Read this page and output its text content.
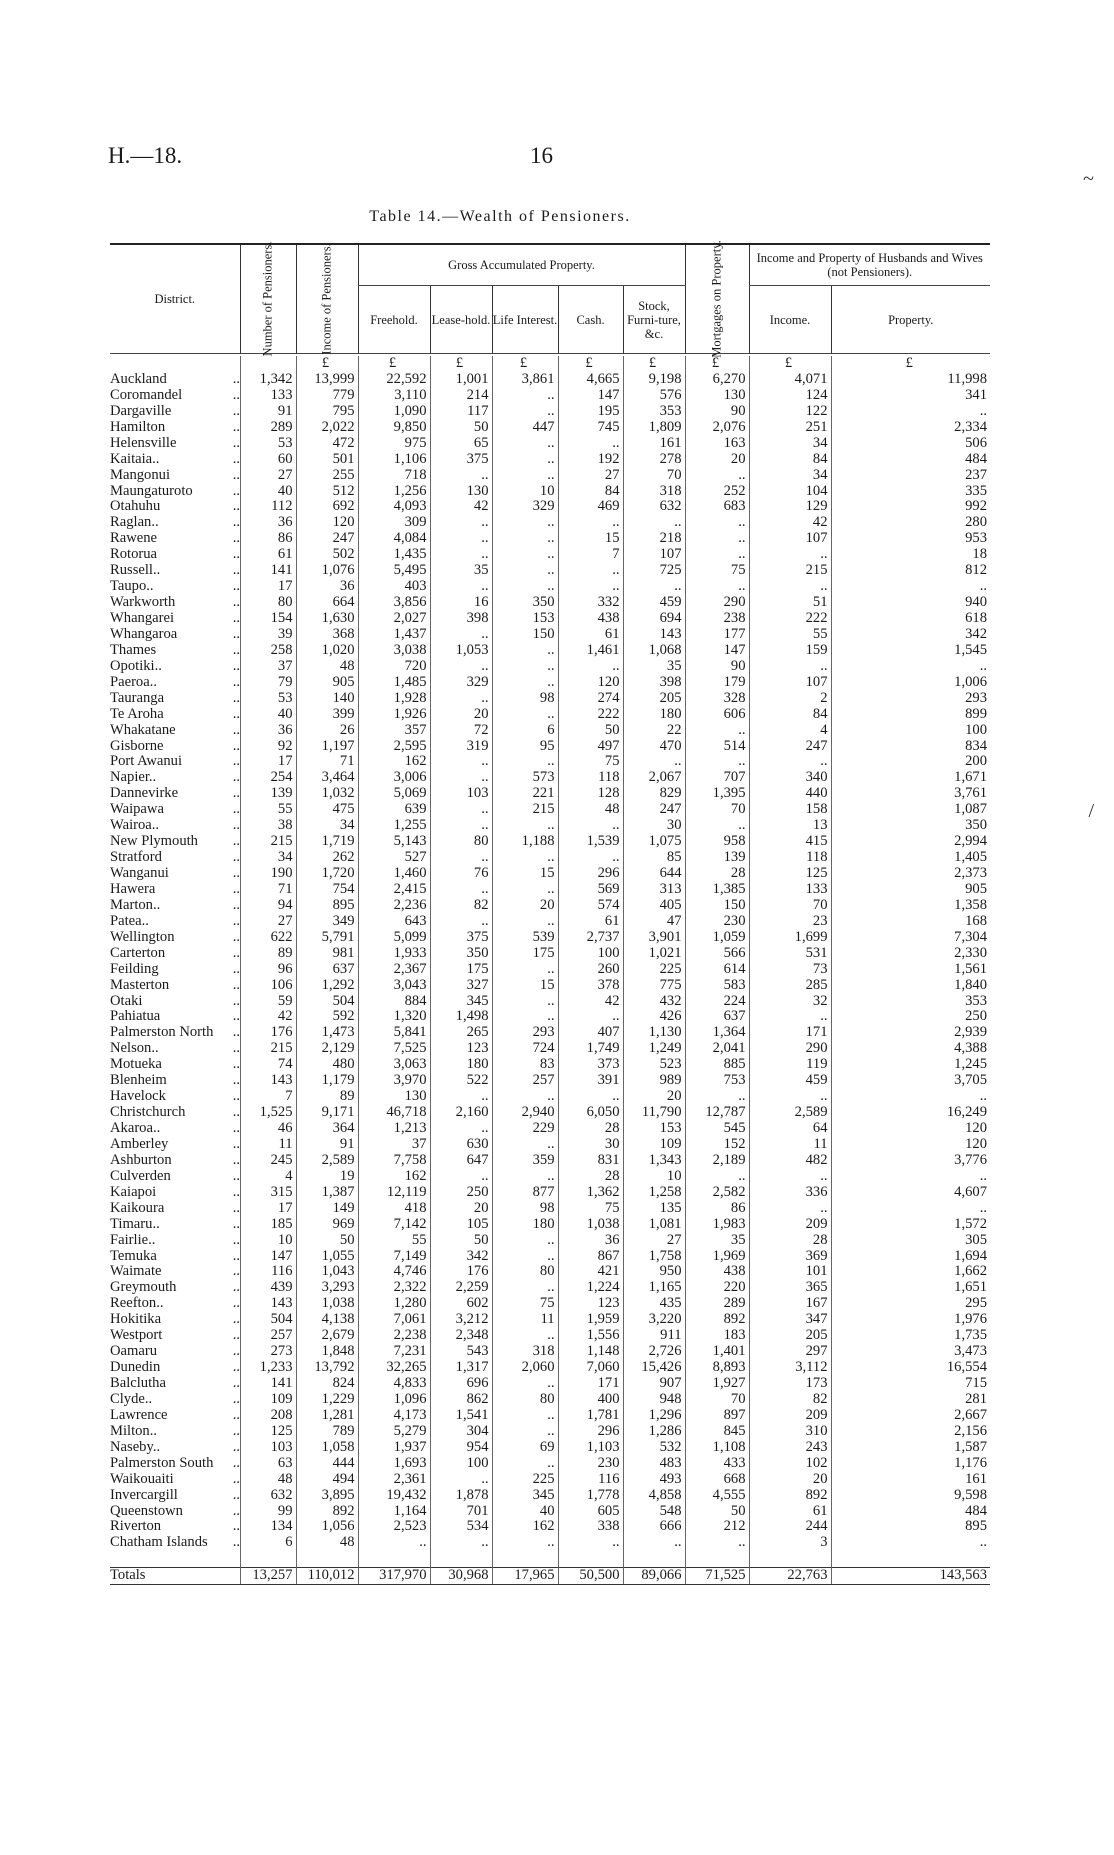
H.—18.	16
Table 14.—Wealth of Pensioners.
District.	Number of Pensioners.	Income of Pensioners.	Gross Accumulated Property.					Mortgages on Property.	Income and Property of Husbands and Wives (not Pensioners).	
			Freehold.	Lease-hold.	Life Interest.	Cash.	Stock, Furni-ture, &c.		Income.	Property.

		£	£	£	£	£	£	£	£	£
Auckland ..	1,342	13,999	22,592	1,001	3,861	4,665	9,198	6,270	4,071	11,998
Coromandel ..	133	779	3,110	214	..	147	576	130	124	341
Dargaville ..	91	795	1,090	117	..	195	353	90	122	..
Hamilton ..	289	2,022	9,850	50	447	745	1,809	2,076	251	2,334
Helensville ..	53	472	975	65	..	..	161	163	34	506
Kaitaia.. ..	60	501	1,106	375	..	192	278	20	84	484
Mangonui ..	27	255	718	..	..	27	70	..	34	237
Maungaturoto ..	40	512	1,256	130	10	84	318	252	104	335
Otahuhu ..	112	692	4,093	42	329	469	632	683	129	992
Raglan.. ..	36	120	309	..	..	..	..	..	42	280
Rawene ..	86	247	4,084	..	..	15	218	..	107	953
Rotorua ..	61	502	1,435	..	..	7	107	..	..	18
Russell.. ..	141	1,076	5,495	35	..	..	725	75	215	812
Taupo.. ..	17	36	403	..	..	..	..	..	..	..
Warkworth ..	80	664	3,856	16	350	332	459	290	51	940
Whangarei ..	154	1,630	2,027	398	153	438	694	238	222	618
Whangaroa ..	39	368	1,437	..	150	61	143	177	55	342
Thames ..	258	1,020	3,038	1,053	..	1,461	1,068	147	159	1,545
Opotiki.. ..	37	48	720	..	..	..	35	90	..	..
Paeroa.. ..	79	905	1,485	329	..	120	398	179	107	1,006
Tauranga ..	53	140	1,928	..	98	274	205	328	2	293
Te Aroha ..	40	399	1,926	20	..	222	180	606	84	899
Whakatane ..	36	26	357	72	6	50	22	..	4	100
Gisborne ..	92	1,197	2,595	319	95	497	470	514	247	834
Port Awanui ..	17	71	162	..	..	75	..	..	..	200
Napier.. ..	254	3,464	3,006	..	573	118	2,067	707	340	1,671
Dannevirke ..	139	1,032	5,069	103	221	128	829	1,395	440	3,761
Waipawa ..	55	475	639	..	215	48	247	70	158	1,087
Wairoa.. ..	38	34	1,255	..	..	..	30	..	13	350
New Plymouth ..	215	1,719	5,143	80	1,188	1,539	1,075	958	415	2,994
Stratford ..	34	262	527	..	..	..	85	139	118	1,405
Wanganui ..	190	1,720	1,460	76	15	296	644	28	125	2,373
Hawera ..	71	754	2,415	..	..	569	313	1,385	133	905
Marton.. ..	94	895	2,236	82	20	574	405	150	70	1,358
Patea.. ..	27	349	643	..	..	61	47	230	23	168
Wellington ..	622	5,791	5,099	375	539	2,737	3,901	1,059	1,699	7,304
Carterton ..	89	981	1,933	350	175	100	1,021	566	531	2,330
Feilding ..	96	637	2,367	175	..	260	225	614	73	1,561
Masterton ..	106	1,292	3,043	327	15	378	775	583	285	1,840
Otaki ..	59	504	884	345	..	42	432	224	32	353
Pahiatua ..	42	592	1,320	1,498	..	..	426	637	..	250
Palmerston North ..	176	1,473	5,841	265	293	407	1,130	1,364	171	2,939
Nelson.. ..	215	2,129	7,525	123	724	1,749	1,249	2,041	290	4,388
Motueka ..	74	480	3,063	180	83	373	523	885	119	1,245
Blenheim ..	143	1,179	3,970	522	257	391	989	753	459	3,705
Havelock ..	7	89	130	..	..	..	20	..	..	..
Christchurch ..	1,525	9,171	46,718	2,160	2,940	6,050	11,790	12,787	2,589	16,249
Akaroa.. ..	46	364	1,213	..	229	28	153	545	64	120
Amberley ..	11	91	37	630	..	30	109	152	11	120
Ashburton ..	245	2,589	7,758	647	359	831	1,343	2,189	482	3,776
Culverden ..	4	19	162	..	..	28	10	..	..	..
Kaiapoi ..	315	1,387	12,119	250	877	1,362	1,258	2,582	336	4,607
Kaikoura ..	17	149	418	20	98	75	135	86	..	..
Timaru.. ..	185	969	7,142	105	180	1,038	1,081	1,983	209	1,572
Fairlie.. ..	10	50	55	50	..	36	27	35	28	305
Temuka ..	147	1,055	7,149	342	..	867	1,758	1,969	369	1,694
Waimate ..	116	1,043	4,746	176	80	421	950	438	101	1,662
Greymouth ..	439	3,293	2,322	2,259	..	1,224	1,165	220	365	1,651
Reefton.. ..	143	1,038	1,280	602	75	123	435	289	167	295
Hokitika ..	504	4,138	7,061	3,212	11	1,959	3,220	892	347	1,976
Westport ..	257	2,679	2,238	2,348	..	1,556	911	183	205	1,735
Oamaru ..	273	1,848	7,231	543	318	1,148	2,726	1,401	297	3,473
Dunedin ..	1,233	13,792	32,265	1,317	2,060	7,060	15,426	8,893	3,112	16,554
Balclutha ..	141	824	4,833	696	..	171	907	1,927	173	715
Clyde.. ..	109	1,229	1,096	862	80	400	948	70	82	281
Lawrence ..	208	1,281	4,173	1,541	..	1,781	1,296	897	209	2,667
Milton.. ..	125	789	5,279	304	..	296	1,286	845	310	2,156
Naseby.. ..	103	1,058	1,937	954	69	1,103	532	1,108	243	1,587
Palmerston South ..	63	444	1,693	100	..	230	483	433	102	1,176
Waikouaiti ..	48	494	2,361	..	225	116	493	668	20	161
Invercargill ..	632	3,895	19,432	1,878	345	1,778	4,858	4,555	892	9,598
Queenstown ..	99	892	1,164	701	40	605	548	50	61	484
Riverton ..	134	1,056	2,523	534	162	338	666	212	244	895
Chatham Islands ..	6	48	..	..	..	..	..	..	3	..

Totals	13,257	110,012	317,970	30,968	17,965	50,500	89,066	71,525	22,763	143,563
~
/
